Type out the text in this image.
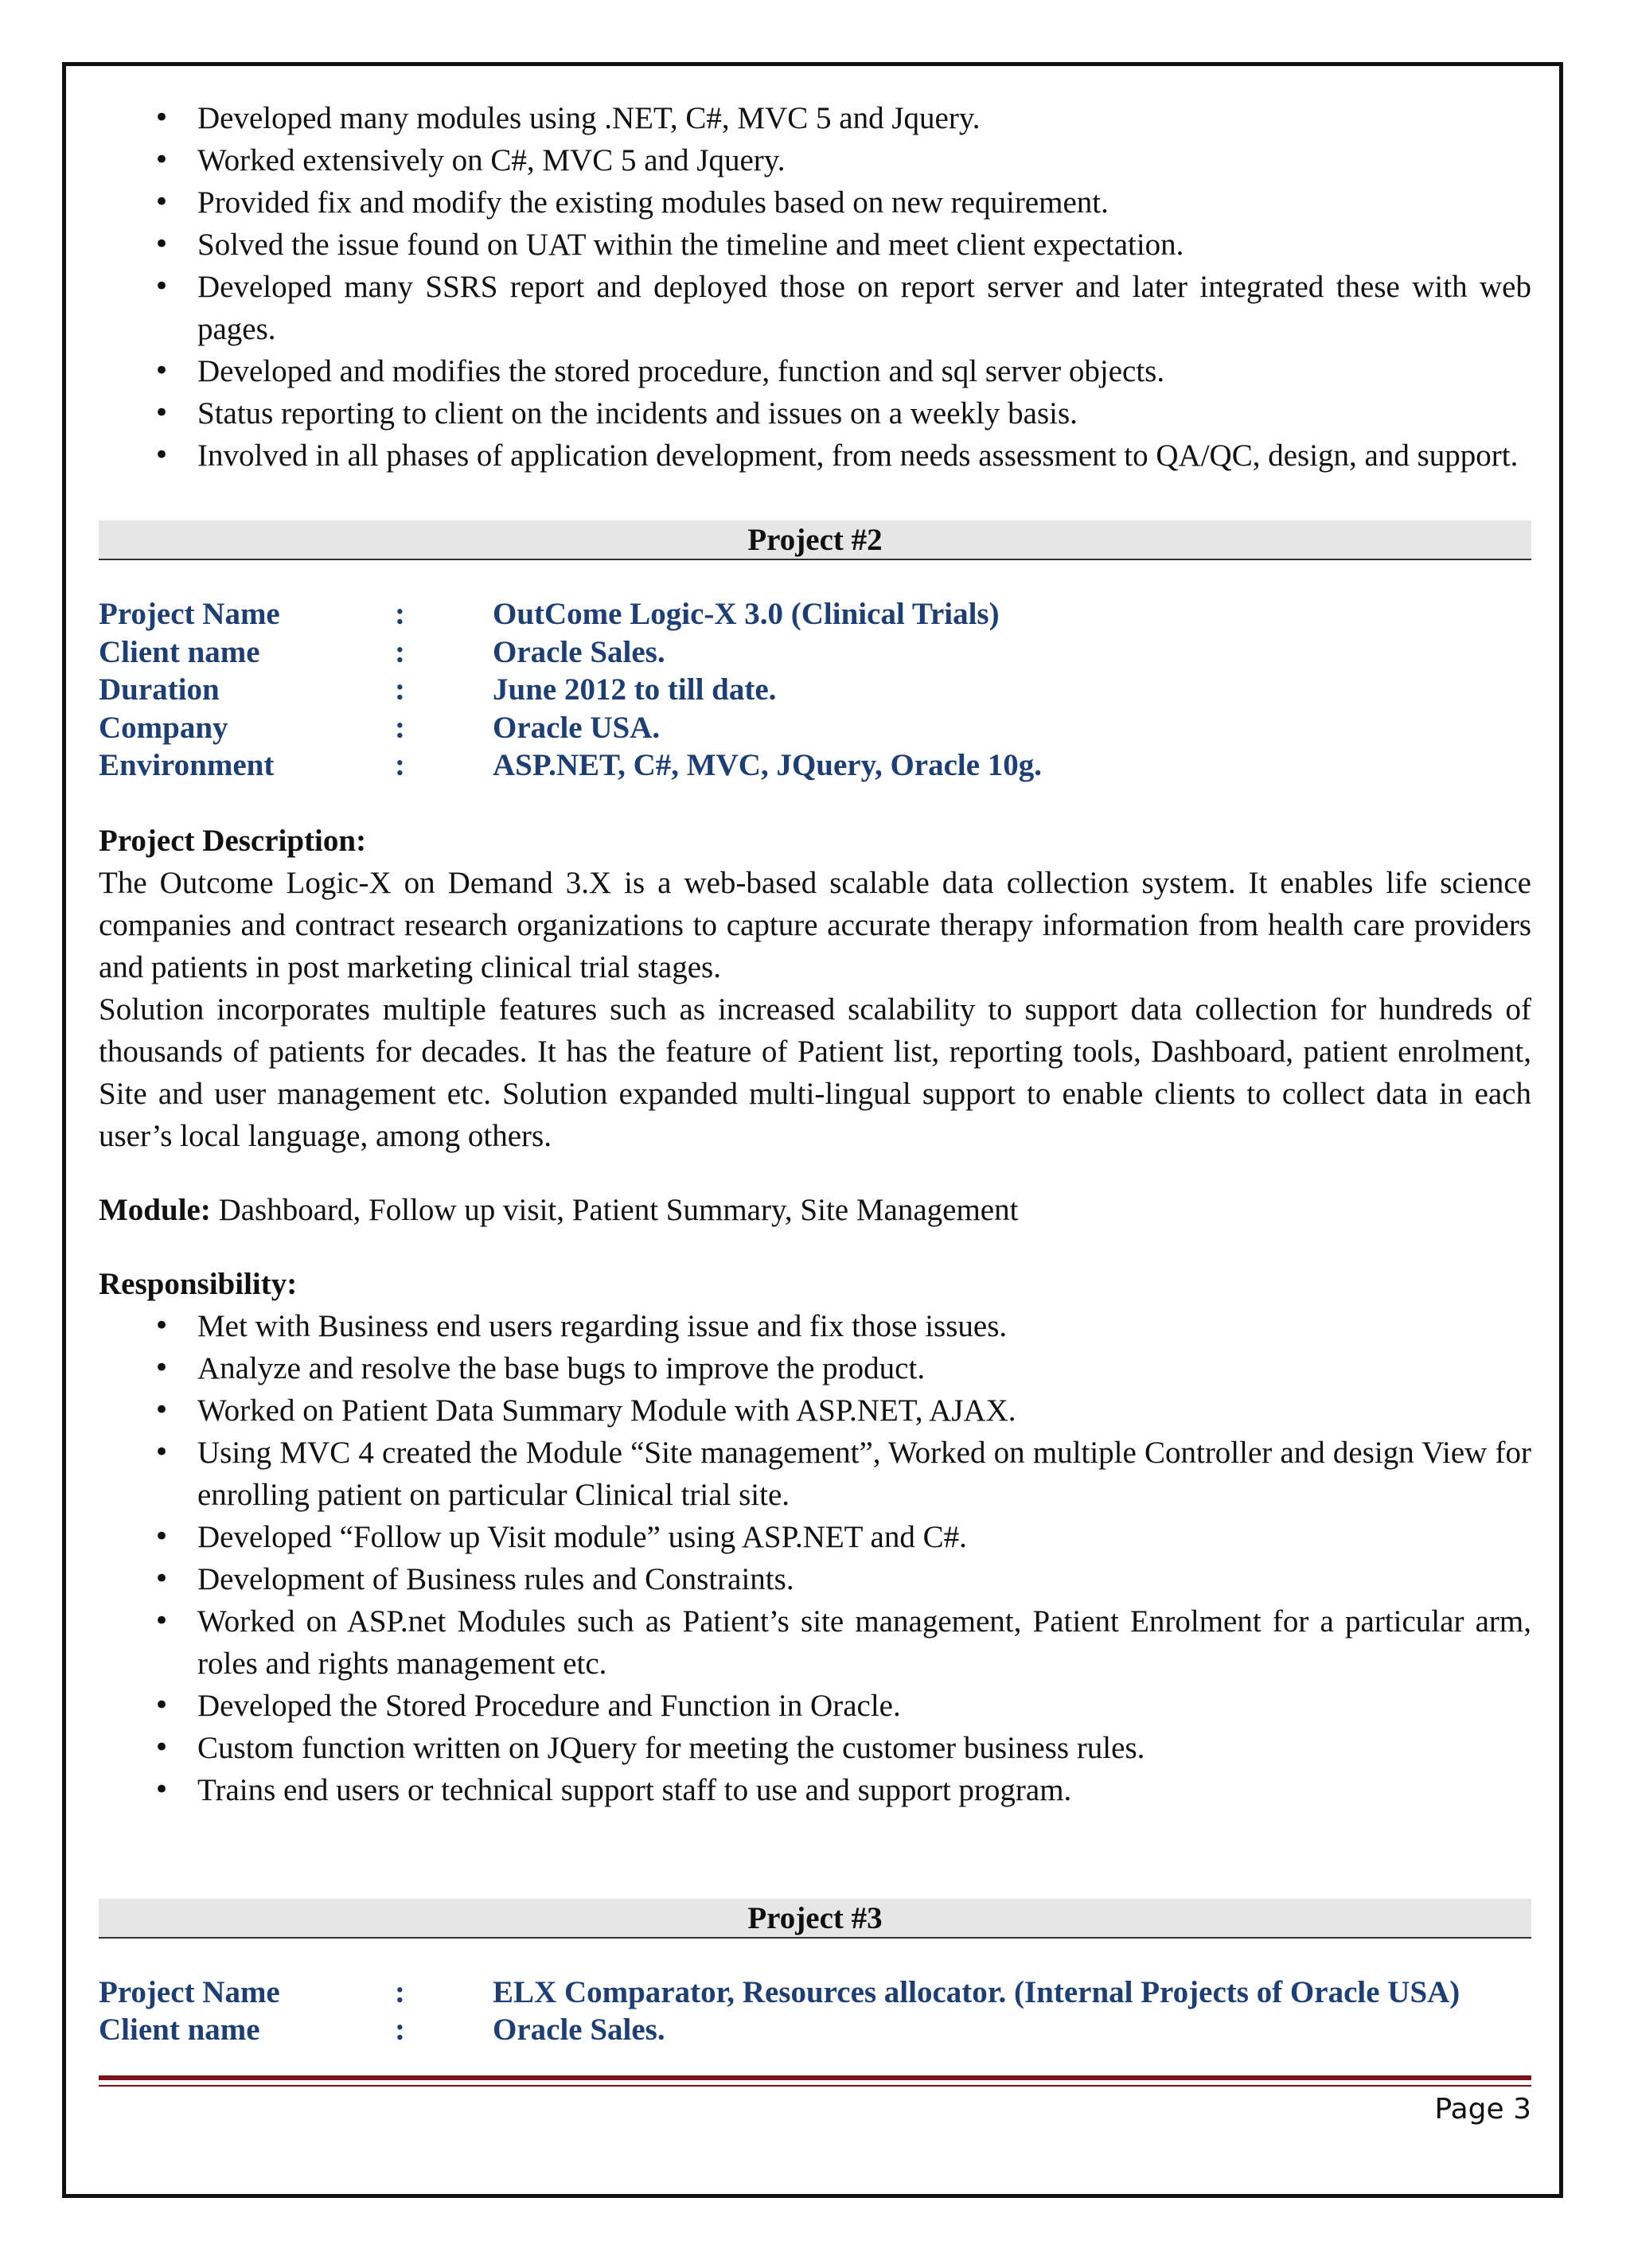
• Developed many modules using .NET, C#, MVC 5 and Jquery.
• Worked extensively on C#, MVC 5 and Jquery.
• Provided fix and modify the existing modules based on new requirement.
• Solved the issue found on UAT within the timeline and meet client expectation.
• Developed many SSRS report and deployed those on report server and later integrated these with web pages.
• Developed and modifies the stored procedure, function and sql server objects.
• Status reporting to client on the incidents and issues on a weekly basis.
• Involved in all phases of application development, from needs assessment to QA/QC, design, and support.
Project #2
Project Name	:	OutCome Logic-X 3.0 (Clinical Trials)
Client name	:	Oracle Sales.
Duration	:	June 2012 to till date.
Company	:	Oracle USA.
Environment	:	ASP.NET, C#, MVC, JQuery, Oracle 10g.
Project Description:

The Outcome Logic-X on Demand 3.X is a web-based scalable data collection system. It enables life science companies and contract research organizations to capture accurate therapy information from health care providers and patients in post marketing clinical trial stages.

Solution incorporates multiple features such as increased scalability to support data collection for hundreds of thousands of patients for decades. It has the feature of Patient list, reporting tools, Dashboard, patient enrolment, Site and user management etc. Solution expanded multi-lingual support to enable clients to collect data in each user’s local language, among others.

Module: Dashboard, Follow up visit, Patient Summary, Site Management
Responsibility:
• Met with Business end users regarding issue and fix those issues.
• Analyze and resolve the base bugs to improve the product.
• Worked on Patient Data Summary Module with ASP.NET, AJAX.
• Using MVC 4 created the Module “Site management”, Worked on multiple Controller and design View for enrolling patient on particular Clinical trial site.
• Developed “Follow up Visit module” using ASP.NET and C#.
• Development of Business rules and Constraints.
• Worked on ASP.net Modules such as Patient’s site management, Patient Enrolment for a particular arm, roles and rights management etc.
• Developed the Stored Procedure and Function in Oracle.
• Custom function written on JQuery for meeting the customer business rules.
• Trains end users or technical support staff to use and support program.
Project #3
Project Name	:	ELX Comparator, Resources allocator. (Internal Projects of Oracle USA)
Client name	:	Oracle Sales.
Page 3
